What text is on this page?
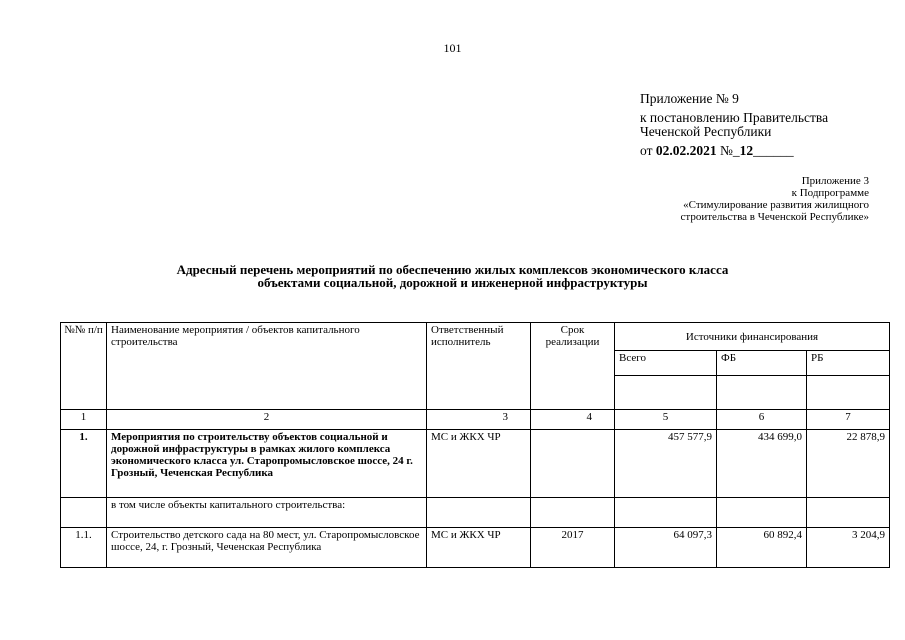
101
Приложение № 9
к постановлению Правительства
Чеченской Республики
от 02.02.2021 №_12______
Приложение 3
к Подпрограмме
«Стимулирование развития жилищного
строительства в Чеченской Республике»
Адресный перечень мероприятий по обеспечению жилых комплексов экономического класса
объектами социальной, дорожной и инженерной инфраструктуры
№№ п/п	Наименование мероприятия / объектов капитального строительства	Ответственный исполнитель	Срок реализации	Источники финансирования		
				Всего	ФБ	РБ

1	2	3	4	5	6	7
1.	Мероприятия по строительству объектов социальной и дорожной инфраструктуры в рамках жилого комплекса экономического класса ул. Старопромысловское шоссе, 24 г. Грозный, Чеченская Республика	МС и ЖКХ ЧР		457 577,9	434 699,0	22 878,9
	в том числе объекты капитального строительства:					
1.1.	Строительство детского сада на 80 мест, ул. Старопромысловское шоссе, 24, г. Грозный, Чеченская Республика	МС и ЖКХ ЧР	2017	64 097,3	60 892,4	3 204,9
